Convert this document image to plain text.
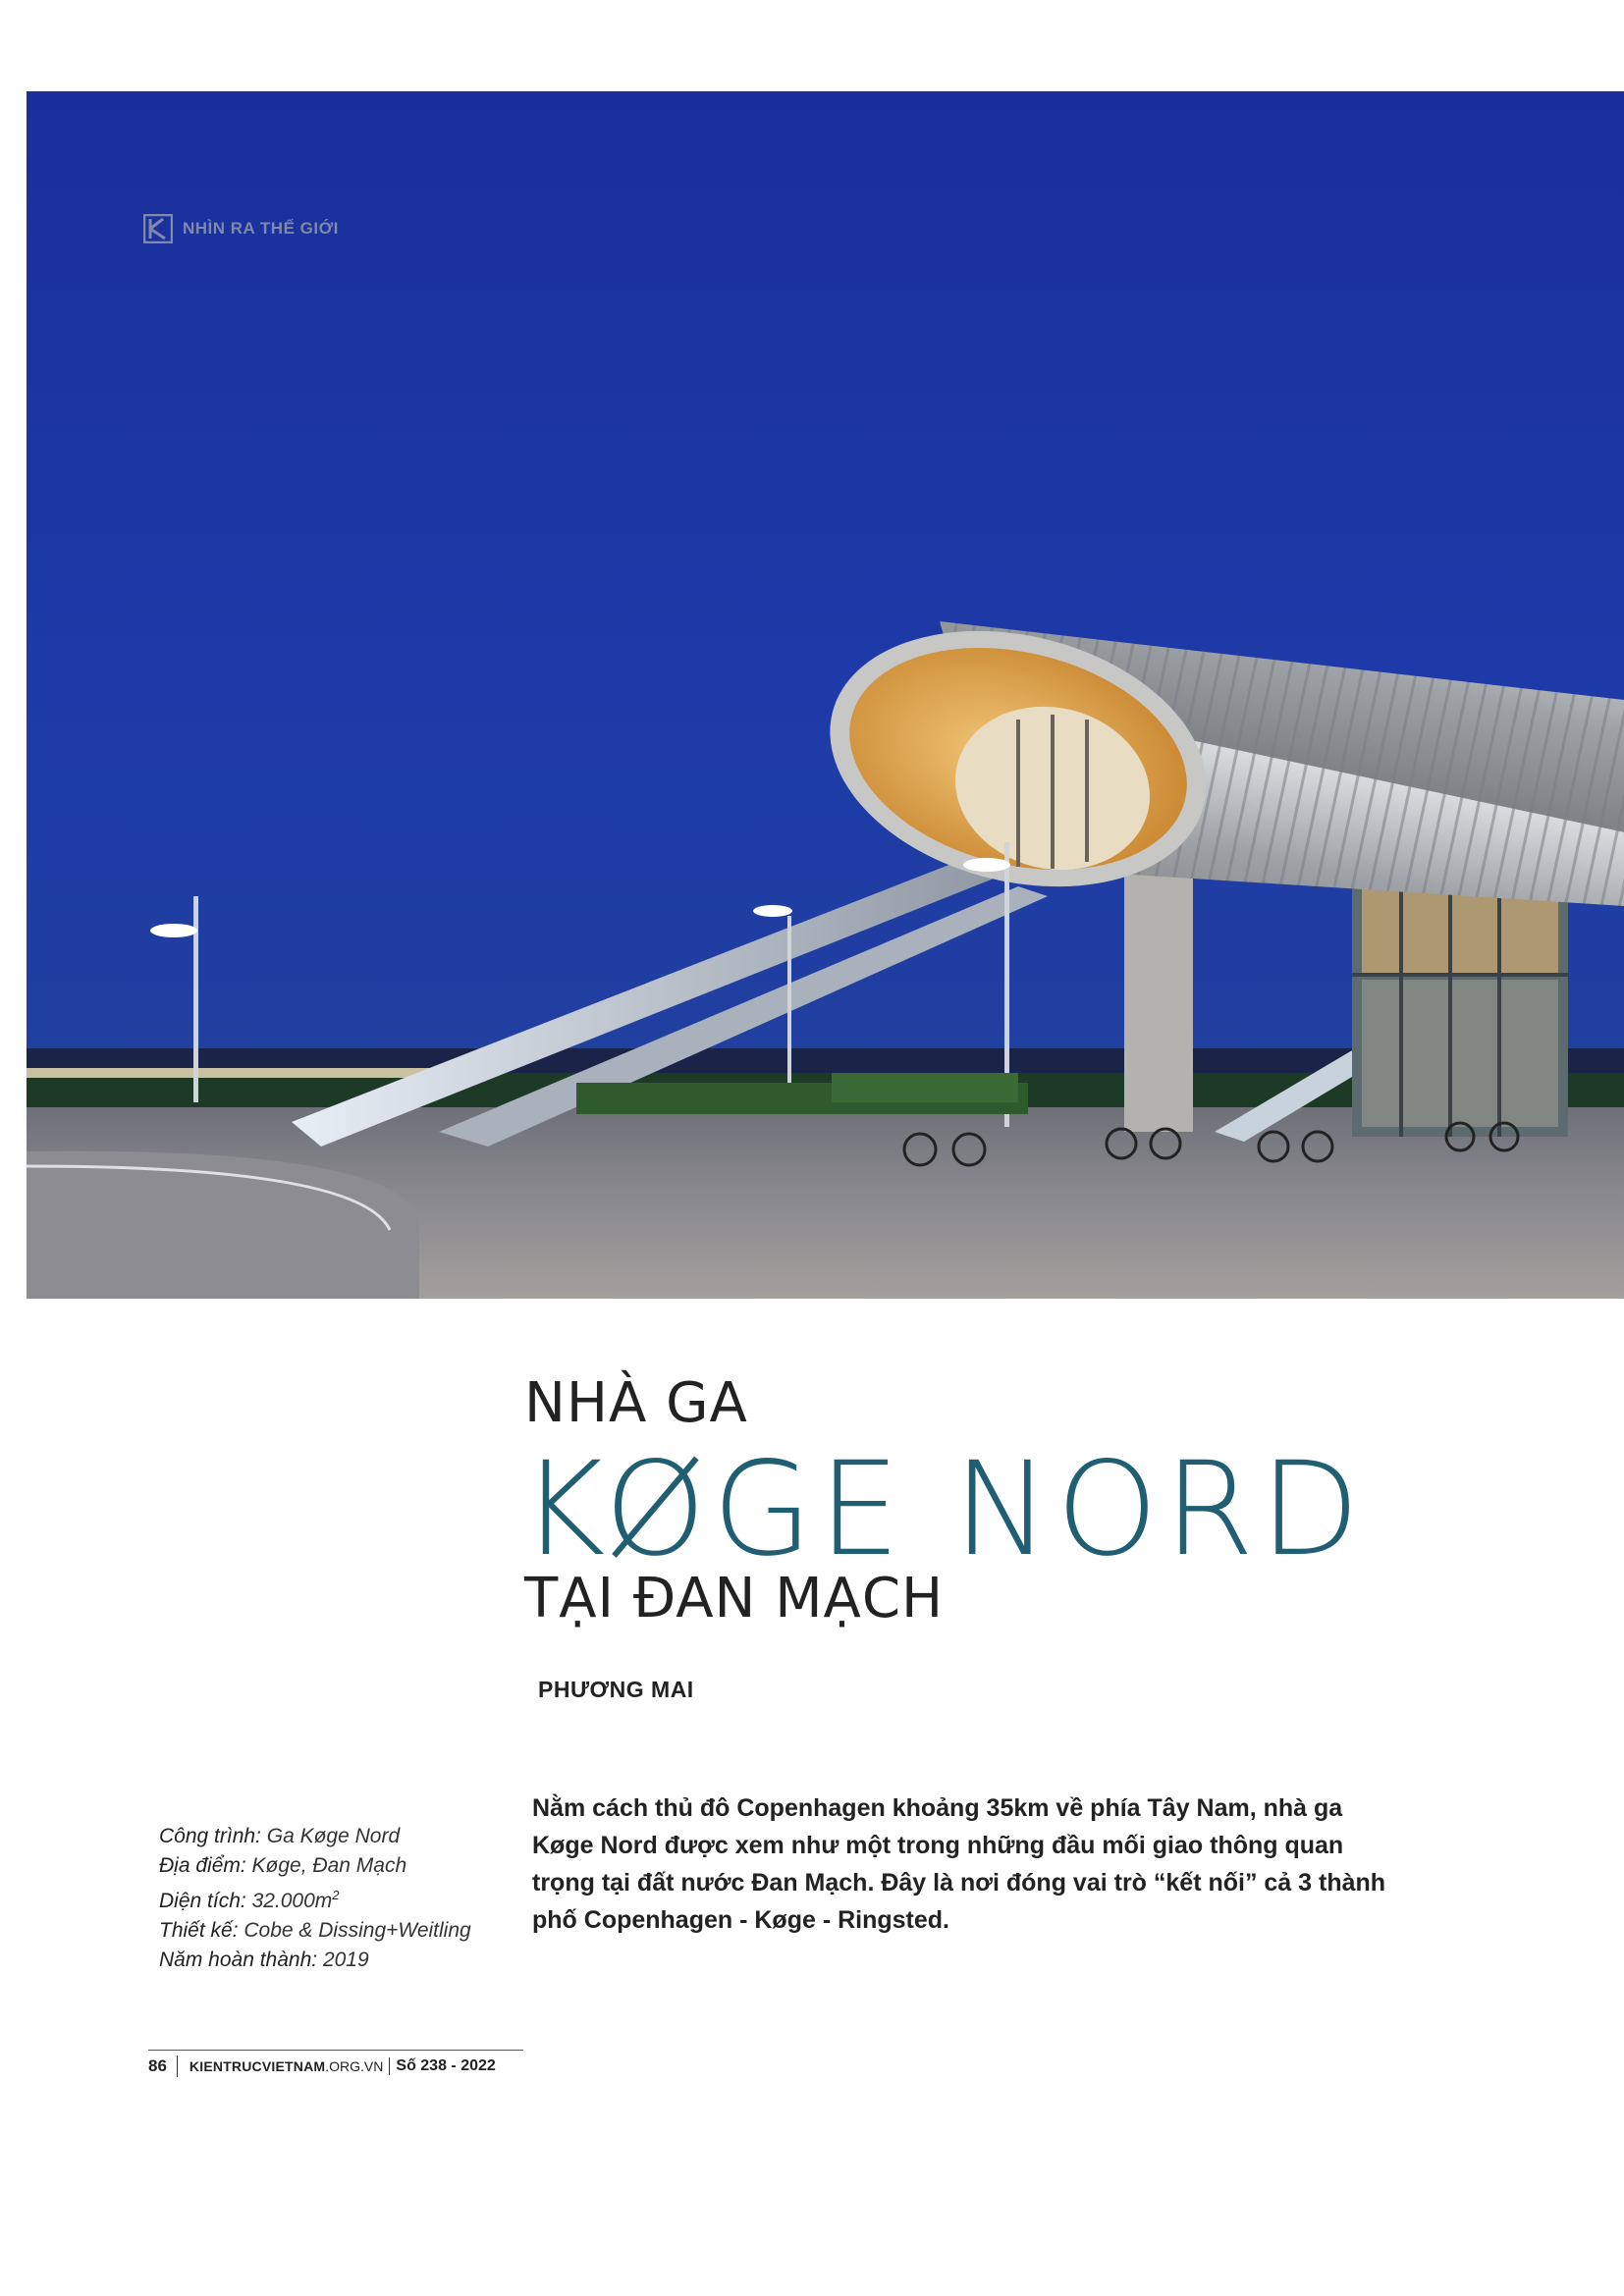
NHÌN RA THẾ GIỚI
NHÀ GA
KØGE NORD
TẠI ĐAN MẠCH
PHƯƠNG MAI
Công trình: Ga Køge Nord
Địa điểm: Køge, Đan Mạch
Diện tích: $32.000m^2$
Thiết kế: Cobe & Dissing+Weitling
Năm hoàn thành: 2019
Nằm cách thủ đô Copenhagen khoảng 35km về phía Tây Nam, nhà ga Køge Nord được xem như một trong những đầu mối giao thông quan trọng tại đất nước Đan Mạch. Đây là nơi đóng vai trò “kết nối” cả 3 thành phố Copenhagen - Køge - Ringsted.
86 KIENTRUCVIETNAM .ORG.VN Số 238 - 2022
